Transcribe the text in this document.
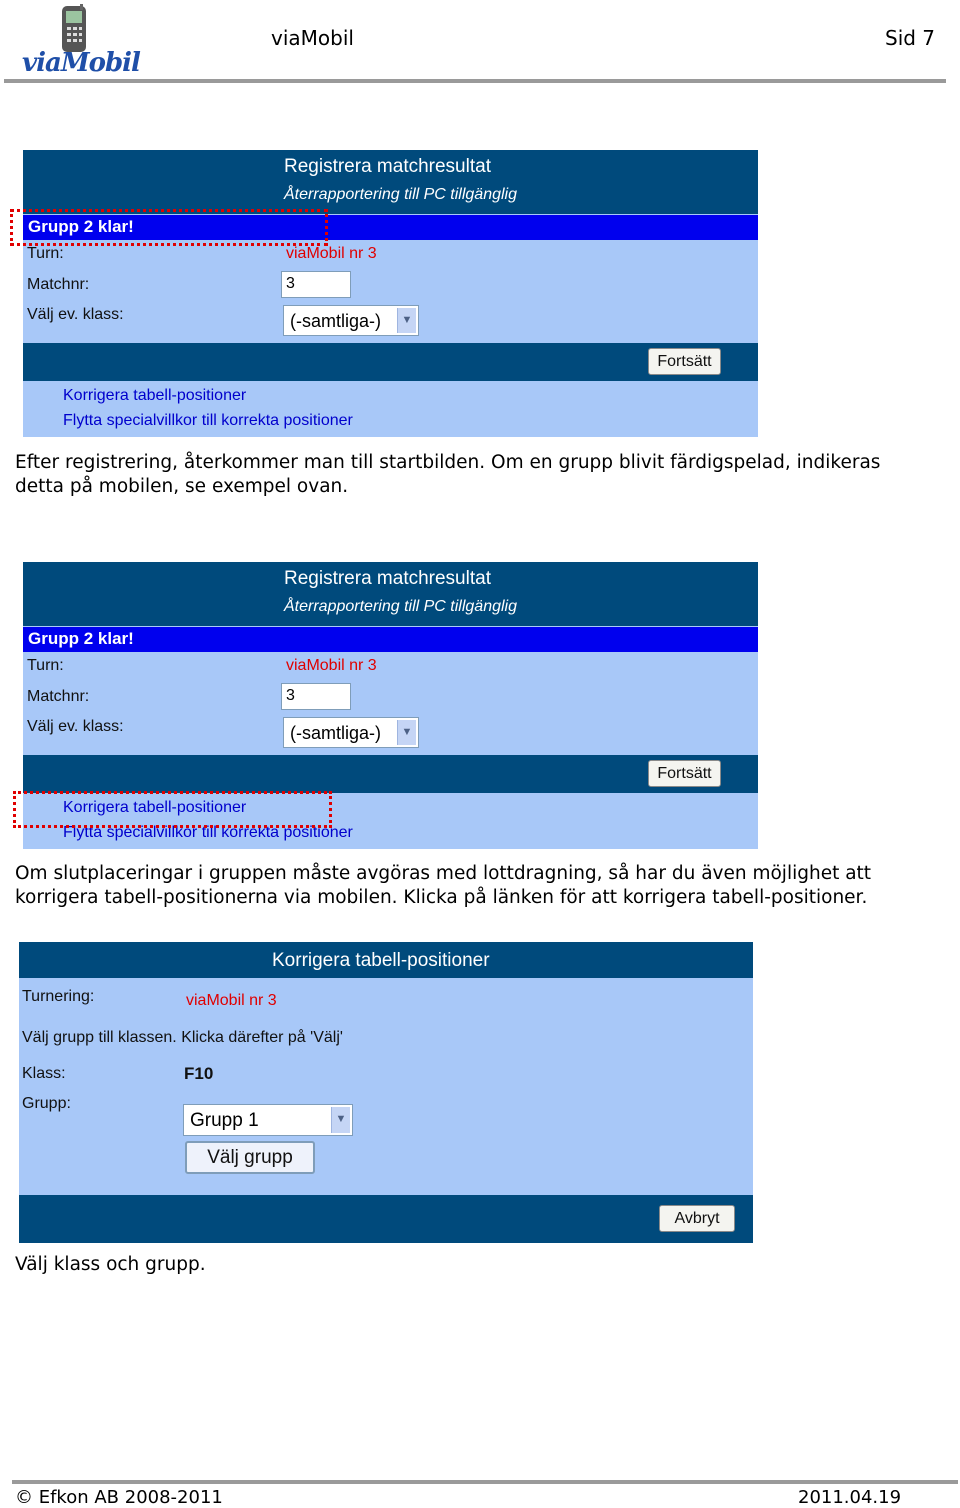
viaMobil
viaMobil	Sid 7
Registrera matchresultat
Återrapportering till PC tillgänglig
Grupp 2 klar!
Turn:	viaMobil nr 3
Matchnr:	3
Välj ev. klass:	(-samtliga-)	▼
Fortsätt
Korrigera tabell-positioner
Flytta specialvillkor till korrekta positioner
Efter registrering, återkommer man till startbilden. Om en grupp blivit färdigspelad, indikeras
detta på mobilen, se exempel ovan.
Registrera matchresultat
Återrapportering till PC tillgänglig
Grupp 2 klar!
Turn:	viaMobil nr 3
Matchnr:	3
Välj ev. klass:	(-samtliga-)	▼
Fortsätt
Korrigera tabell-positioner
Flytta specialvillkor till korrekta positioner
Om slutplaceringar i gruppen måste avgöras med lottdragning, så har du även möjlighet att
korrigera tabell-positionerna via mobilen. Klicka på länken för att korrigera tabell-positioner.
Korrigera tabell-positioner
Turnering:	viaMobil nr 3
Välj grupp till klassen. Klicka därefter på 'Välj'
Klass:	F10
Grupp:
Grupp 1	▼
Välj grupp
Avbryt
Välj klass och grupp.
© Efkon AB 2008-2011	2011.04.19
